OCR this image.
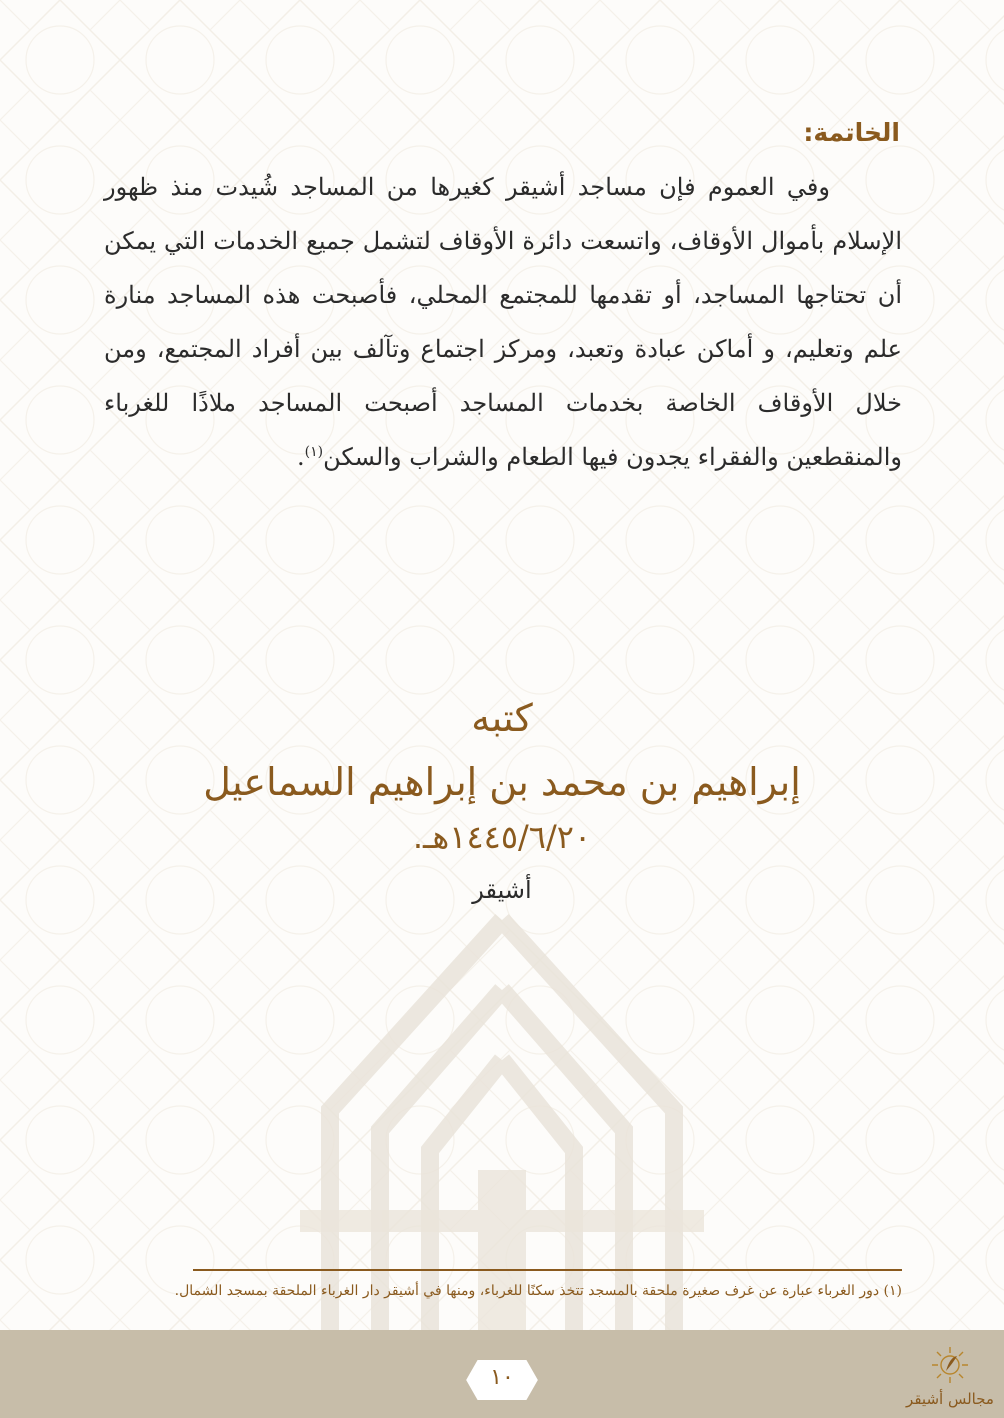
الخاتمة:
وفي العموم فإن مساجد أشيقر كغيرها من المساجد شُيدت منذ ظهور الإسلام بأموال الأوقاف، واتسعت دائرة الأوقاف لتشمل جميع الخدمات التي يمكن أن تحتاجها المساجد، أو تقدمها للمجتمع المحلي، فأصبحت هذه المساجد منارة علم وتعليم، و أماكن عبادة وتعبد، ومركز اجتماع وتآلف بين أفراد المجتمع، ومن خلال الأوقاف الخاصة بخدمات المساجد أصبحت المساجد ملاذًا للغرباء والمنقطعين والفقراء يجدون فيها الطعام والشراب والسكن$^{(١)}$.
كتبه
إبراهيم بن محمد بن إبراهيم السماعيل
١٤٤٥/٦/٢٠هـ.
أشيقر
(١) دور الغرباء عبارة عن غرف صغيرة ملحقة بالمسجد تتخذ سكنًا للغرباء، ومنها في أشيقر دار الغرباء الملحقة بمسجد الشمال.
١٠
مجالس أشيقر
